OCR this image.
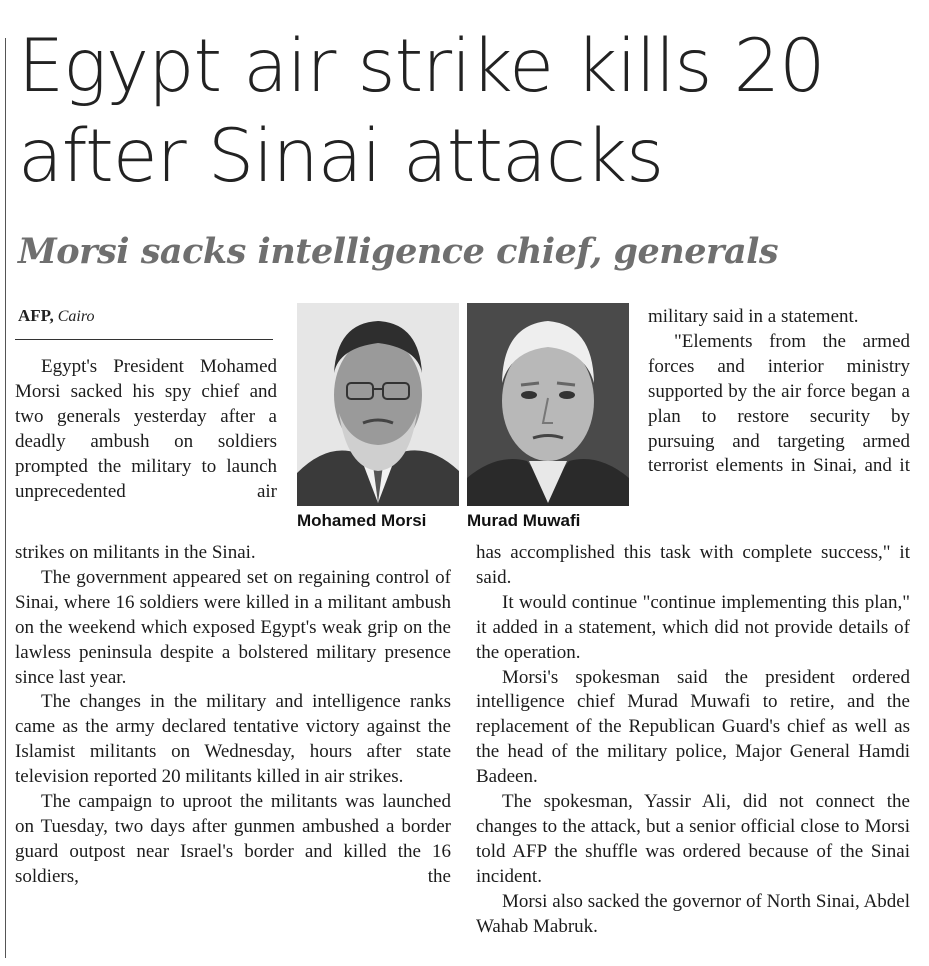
Egypt air strike kills 20 after Sinai attacks
Morsi sacks intelligence chief, generals
AFP, Cairo

Egypt's President Mohamed Morsi sacked his spy chief and two generals yesterday after a deadly ambush on soldiers prompted the military to launch unprecedented air

Mohamed Morsi Murad Muwafi

military said in a statement.

"Elements from the armed forces and interior ministry supported by the air force began a plan to restore security by pursuing and targeting armed terrorist elements in Sinai, and it

strikes on militants in the Sinai.

The government appeared set on regaining control of Sinai, where 16 soldiers were killed in a militant ambush on the weekend which exposed Egypt's weak grip on the lawless peninsula despite a bolstered military presence since last year.

The changes in the military and intelligence ranks came as the army declared tentative victory against the Islamist militants on Wednesday, hours after state television reported 20 militants killed in air strikes.

The campaign to uproot the militants was launched on Tuesday, two days after gunmen ambushed a border guard outpost near Israel's border and killed the 16 soldiers, the

has accomplished this task with complete success," it said.

It would continue "continue implementing this plan," it added in a statement, which did not provide details of the operation.

Morsi's spokesman said the president ordered intelligence chief Murad Muwafi to retire, and the replacement of the Republican Guard's chief as well as the head of the military police, Major General Hamdi Badeen.

The spokesman, Yassir Ali, did not connect the changes to the attack, but a senior official close to Morsi told AFP the shuffle was ordered because of the Sinai incident.

Morsi also sacked the governor of North Sinai, Abdel Wahab Mabruk.
